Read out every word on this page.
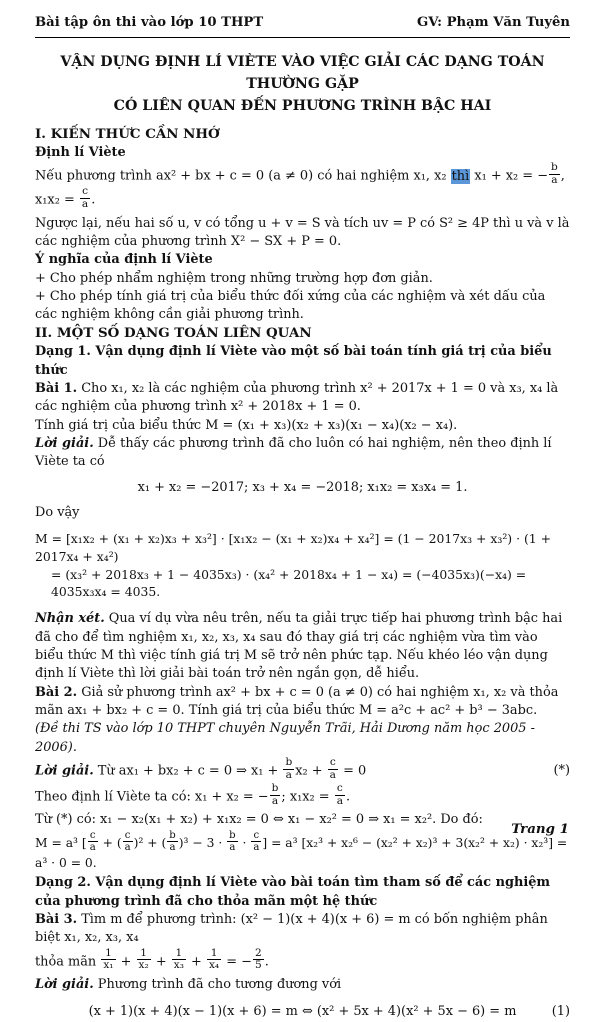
Bài tập ôn thi vào lớp 10 THPT	GV: Phạm Văn Tuyên
VẬN DỤNG ĐỊNH LÍ VIÈTE VÀO VIỆC GIẢI CÁC DẠNG TOÁN THƯỜNG GẶP
CÓ LIÊN QUAN ĐẾN PHƯƠNG TRÌNH BẬC HAI

I. KIẾN THỨC CẦN NHỚ

Định lí Viète

Nếu phương trình ax² + bx + c = 0 (a ≠ 0) có hai nghiệm x₁, x₂ thì x₁ + x₂ = − $\frac{b}{a}$ , $x_1x_2 = \frac{c}{a}$ .

Ngược lại, nếu hai số u, v có tổng u + v = S và tích uv = P có S² ≥ 4P thì u và v là các nghiệm của phương trình X² − SX + P = 0.

Ý nghĩa của định lí Viète

+ Cho phép nhẩm nghiệm trong những trường hợp đơn giản.

+ Cho phép tính giá trị của biểu thức đối xứng của các nghiệm và xét dấu của các nghiệm không cần giải phương trình.

II. MỘT SỐ DẠNG TOÁN LIÊN QUAN

Dạng 1. Vận dụng định lí Viète vào một số bài toán tính giá trị của biểu thức

Bài 1. Cho x₁, x₂ là các nghiệm của phương trình x² + 2017x + 1 = 0 và x₃, x₄ là các nghiệm của phương trình x² + 2018x + 1 = 0.

Tính giá trị của biểu thức M = (x₁ + x₃)(x₂ + x₃)(x₁ − x₄)(x₂ − x₄).

Lời giải. Dễ thấy các phương trình đã cho luôn có hai nghiệm, nên theo định lí Viète ta có

x₁ + x₂ = −2017; x₃ + x₄ = −2018; x₁x₂ = x₃x₄ = 1.

Do vậy

M = [x₁x₂ + (x₁ + x₂)x₃ + x₃²] · [x₁x₂ − (x₁ + x₂)x₄ + x₄²] = (1 − 2017x₃ + x₃²) · (1 + 2017x₄ + x₄²)
= (x₃² + 2018x₃ + 1 − 4035x₃) · (x₄² + 2018x₄ + 1 − x₄) = (−4035x₃)(−x₄) = 4035x₃x₄ = 4035.

Nhận xét. Qua ví dụ vừa nêu trên, nếu ta giải trực tiếp hai phương trình bậc hai đã cho để tìm nghiệm x₁, x₂, x₃, x₄ sau đó thay giá trị các nghiệm vừa tìm vào biểu thức M thì việc tính giá trị M sẽ trở nên phức tạp. Nếu khéo léo vận dụng định lí Viète thì lời giải bài toán trở nên ngắn gọn, dễ hiểu.

Bài 2. Giả sử phương trình ax² + bx + c = 0 (a ≠ 0) có hai nghiệm x₁, x₂ và thỏa mãn ax₁ + bx₂ + c = 0. Tính giá trị của biểu thức M = a²c + ac² + b³ − 3abc.

(Đề thi TS vào lớp 10 THPT chuyên Nguyễn Trãi, Hải Dương năm học 2005 - 2006).

Lời giải. Từ ax₁ + bx₂ + c = 0 ⇒ $x_1 + \frac{b}{a} x_2 + \frac{c}{a} = 0$	(*)

Theo định lí Viète ta có: x₁ + x₂ = − $\frac{b}{a}$ ; $x_1x_2 = \frac{c}{a}$ .

Từ (*) có: x₁ − x₂(x₁ + x₂) + x₁x₂ = 0 ⇔ x₁ − x₂² = 0 ⇒ x₁ = x₂². Do đó:

M = a³ [ $\frac{c}{a}$ + ( $\frac{c}{a} )^2$ + ( $\frac{b}{a} )^3 - 3 \cdot \frac{b}{a} \cdot \frac{c}{a}$ ] = a³ [x₂³ + x₂⁶ − (x₂² + x₂)³ + 3(x₂² + x₂) · x₂³] = a³ · 0 = 0.

Dạng 2. Vận dụng định lí Viète vào bài toán tìm tham số để các nghiệm của phương trình đã cho thỏa mãn một hệ thức

Bài 3. Tìm m để phương trình: (x² − 1)(x + 4)(x + 6) = m có bốn nghiệm phân biệt x₁, x₂, x₃, x₄

thỏa mãn $\frac{1}{\text{x₁}} + \frac{1}{\text{x₂}} + \frac{1}{\text{x₃}} + \frac{1}{\text{x₄}}$ = − $\frac{2}{5}$ .

Lời giải. Phương trình đã cho tương đương với

(x + 1)(x + 4)(x − 1)(x + 6) = m ⇔ (x² + 5x + 4)(x² + 5x − 6) = m	(1)
Trang 1
